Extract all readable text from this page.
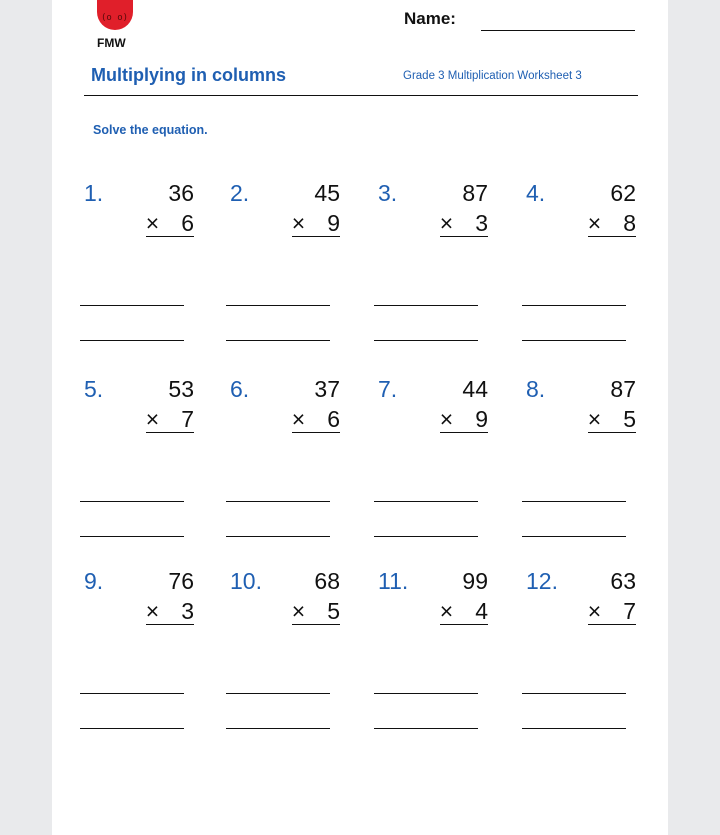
(o o)
FMW
Name:
Multiplying in columns	Grade 3 Multiplication Worksheet 3
Solve the equation.
1.	36
× 6
2.	45
× 9
3.	87
× 3
4.	62
× 8
5.	53
× 7
6.	37
× 6
7.	44
× 9
8.	87
× 5
9.	76
× 3
10. 68
× 5
11. 99
× 4
12. 63
× 7
